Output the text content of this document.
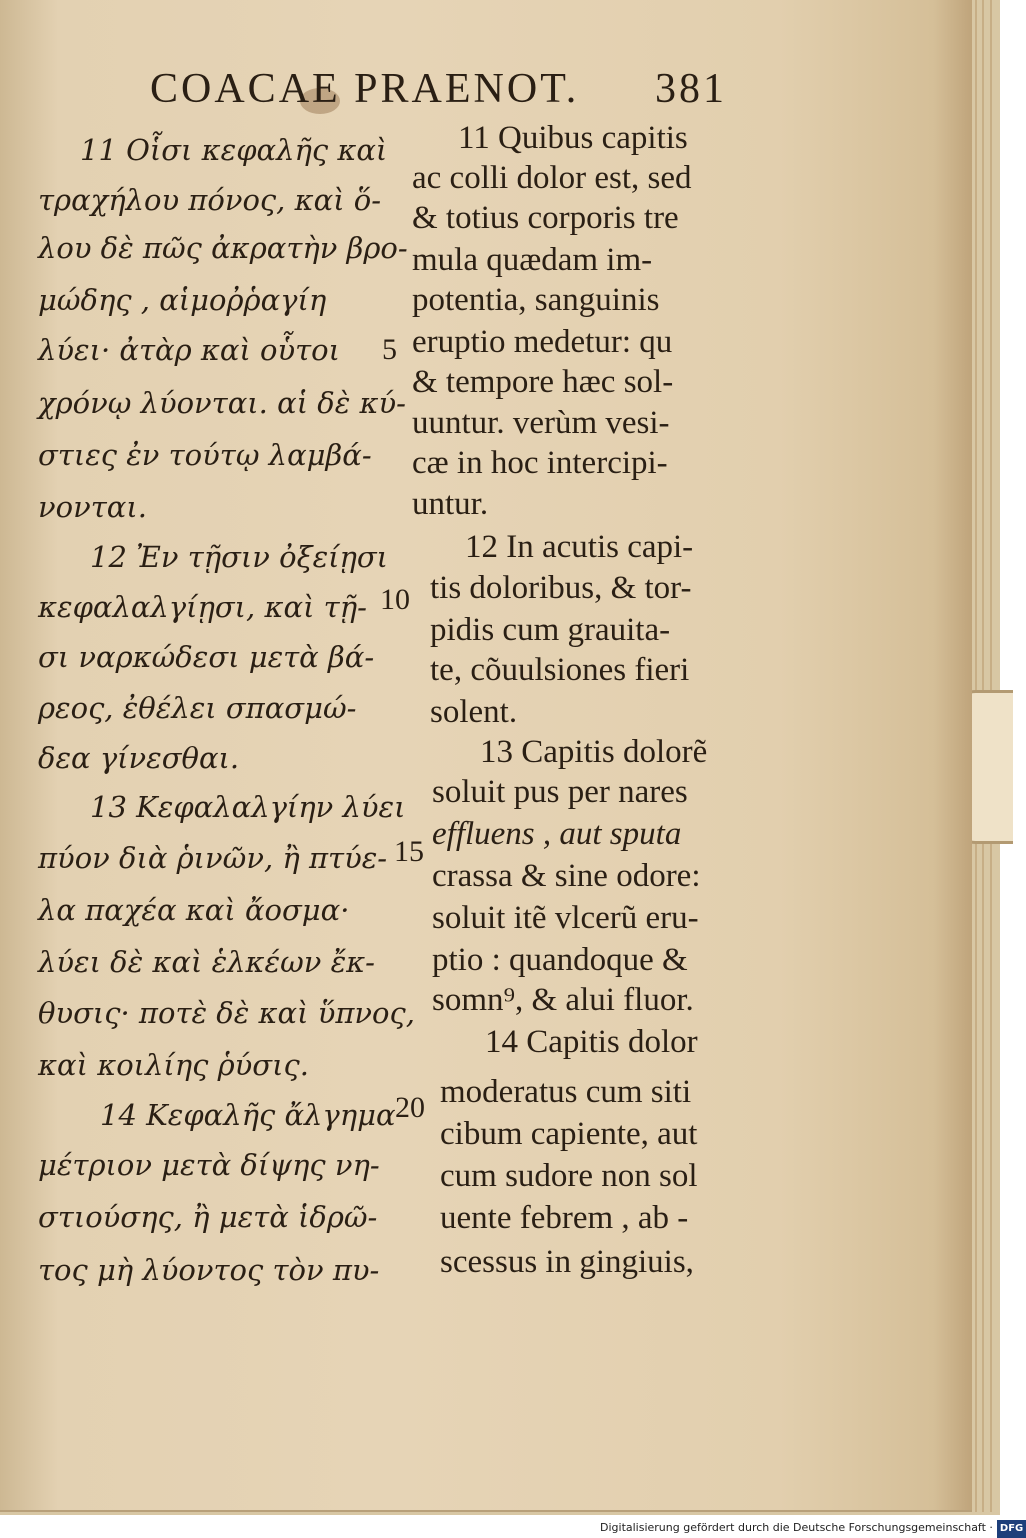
COACAE PRAENOT. 381
11 Οἷσι κεφαλῆς καὶ
τραχήλου πόνος, καὶ ὅ-
λου δὲ πῶς ἀκρατὴν βρο-
μώδης , αἱμοῤῥαγίη
λύει· ἀτὰρ καὶ οὗτοι
χρόνῳ λύονται. αἱ δὲ κύ-
στιες ἐν τούτῳ λαμβά-
νονται.
12 Ἐν τῇσιν ὀξείῃσι
κεφαλαλγίῃσι, καὶ τῇ-
σι ναρκώδεσι μετὰ βά-
ρεος, ἐθέλει σπασμώ-
δεα γίνεσθαι.
13 Κεφαλαλγίην λύει
πύον διὰ ῥινῶν, ἢ πτύε-
λα παχέα καὶ ἄοσμα·
λύει δὲ καὶ ἑλκέων ἔκ-
θυσις· ποτὲ δὲ καὶ ὕπνος,
καὶ κοιλίης ῥύσις.
14 Κεφαλῆς ἄλγημα
μέτριον μετὰ δίψης νη-
στιούσης, ἢ μετὰ ἱδρῶ-
τος μὴ λύοντος τὸν πυ-
5
10
15
20
11 Quibus capitis
ac colli dolor est, sed
& totius corporis tre
mula quædam im-
potentia, sanguinis
eruptio medetur: qu
& tempore hæc sol-
uuntur. verùm vesi-
cæ in hoc intercipi-
untur.
12 In acutis capi-
tis doloribus, & tor-
pidis cum grauita-
te, cõuulsiones fieri
solent.
13 Capitis dolorẽ
soluit pus per nares
effluens , aut sputa
crassa & sine odore:
soluit itẽ vlcerũ eru-
ptio : quandoque &
somn⁹, & alui fluor.
14 Capitis dolor
moderatus cum siti
cibum capiente, aut
cum sudore non sol
uente febrem , ab -
scessus in gingiuis,
Digitalisierung gefördert durch die Deutsche Forschungsgemeinschaft · DFG
